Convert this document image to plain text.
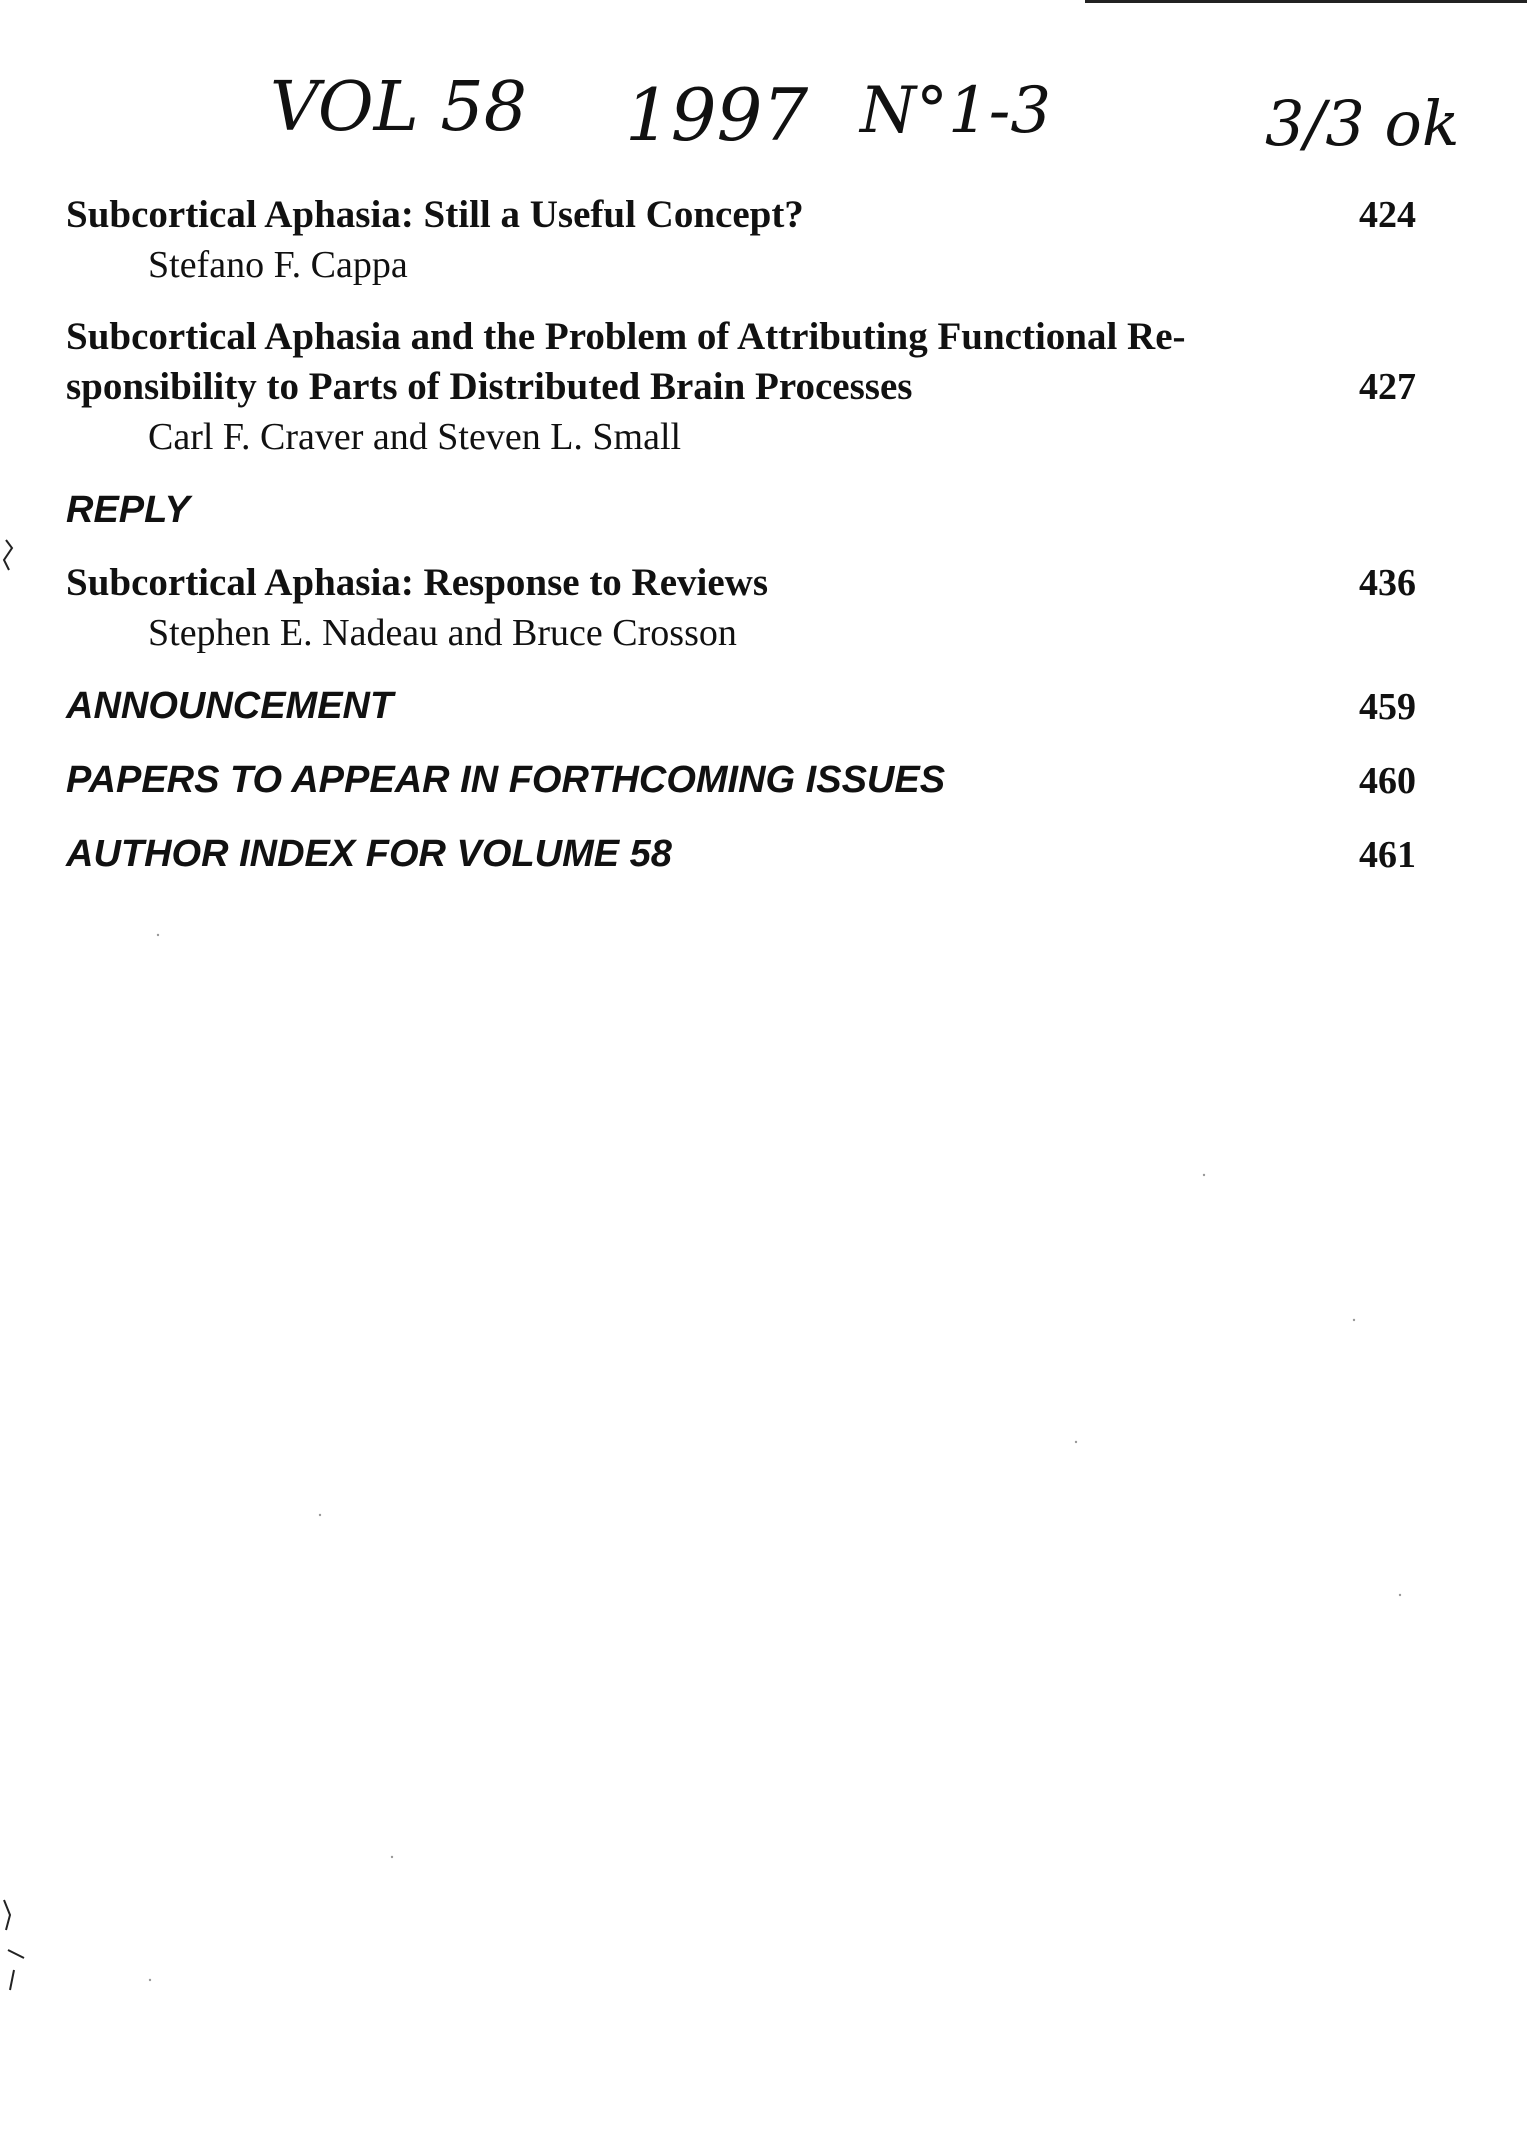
VOL 58 1997 N°1-3	3/3 ok
Subcortical Aphasia: Still a Useful Concept?	424
Stefano F. Cappa
Subcortical Aphasia and the Problem of Attributing Functional Re- sponsibility to Parts of Distributed Brain Processes	427
Carl F. Craver and Steven L. Small
REPLY
Subcortical Aphasia: Response to Reviews	436
Stephen E. Nadeau and Bruce Crosson
ANNOUNCEMENT	459
PAPERS TO APPEAR IN FORTHCOMING ISSUES	460
AUTHOR INDEX FOR VOLUME 58	461
